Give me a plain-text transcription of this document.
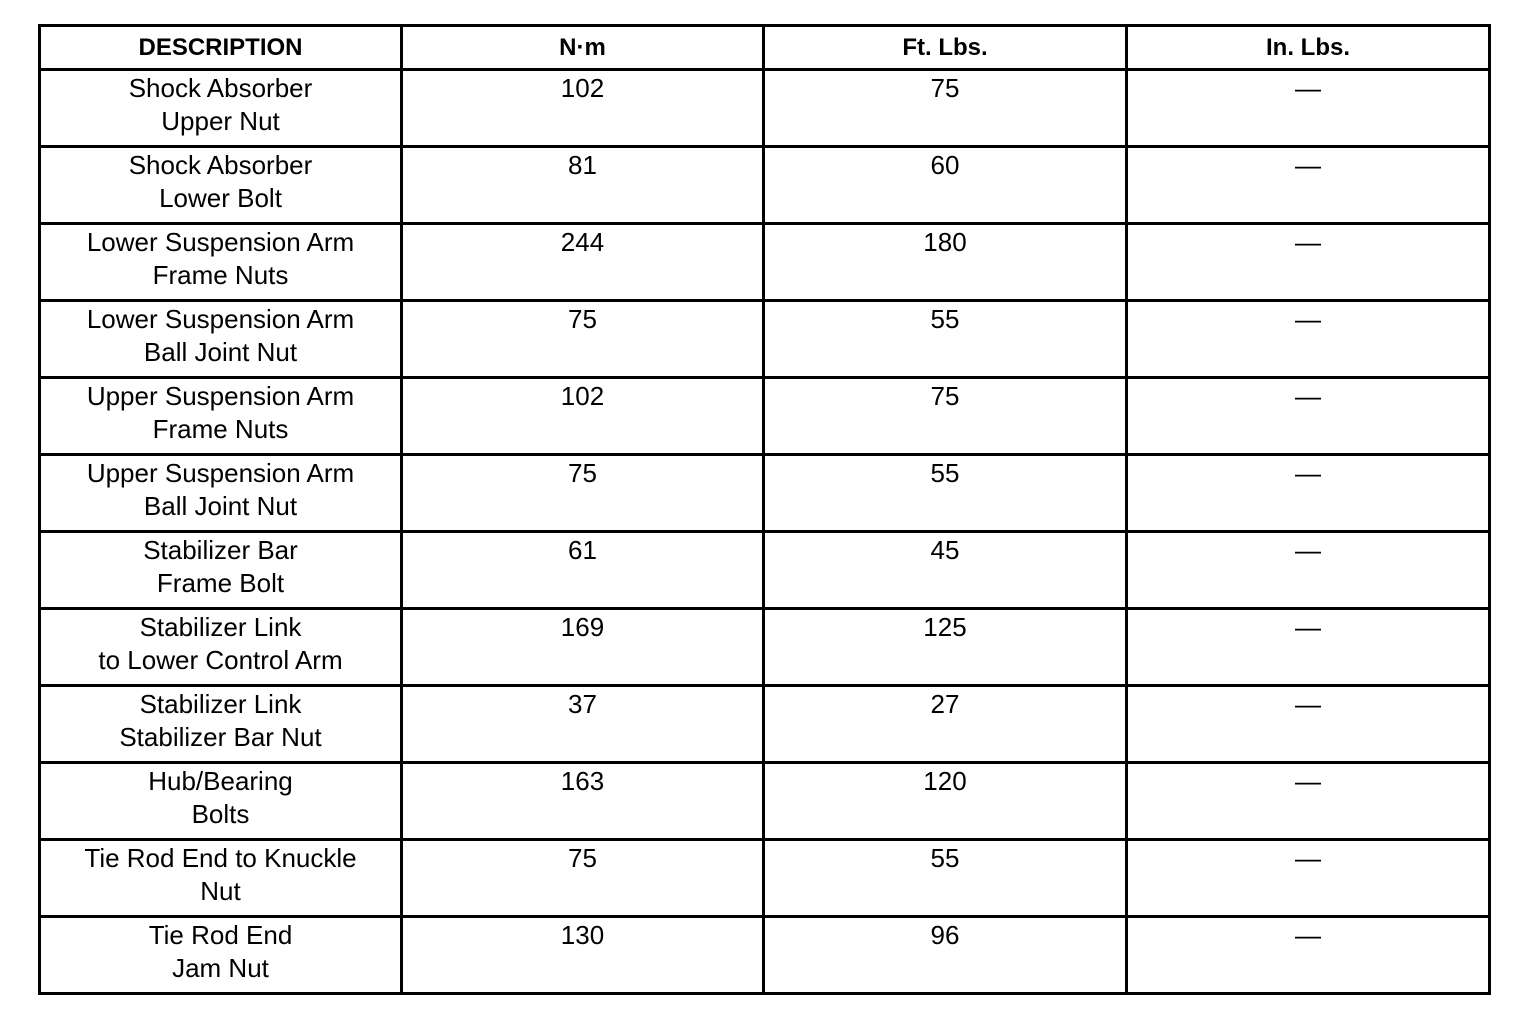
DESCRIPTION	N·m	Ft. Lbs.	In. Lbs.

Shock Absorber
Upper Nut	102	75	—

Shock Absorber
Lower Bolt	81	60	—

Lower Suspension Arm
Frame Nuts	244	180	—

Lower Suspension Arm
Ball Joint Nut	75	55	—

Upper Suspension Arm
Frame Nuts	102	75	—

Upper Suspension Arm
Ball Joint Nut	75	55	—

Stabilizer Bar
Frame Bolt	61	45	—

Stabilizer Link
to Lower Control Arm	169	125	—

Stabilizer Link
Stabilizer Bar Nut	37	27	—

Hub/Bearing
Bolts	163	120	—

Tie Rod End to Knuckle
Nut	75	55	—

Tie Rod End
Jam Nut	130	96	—
